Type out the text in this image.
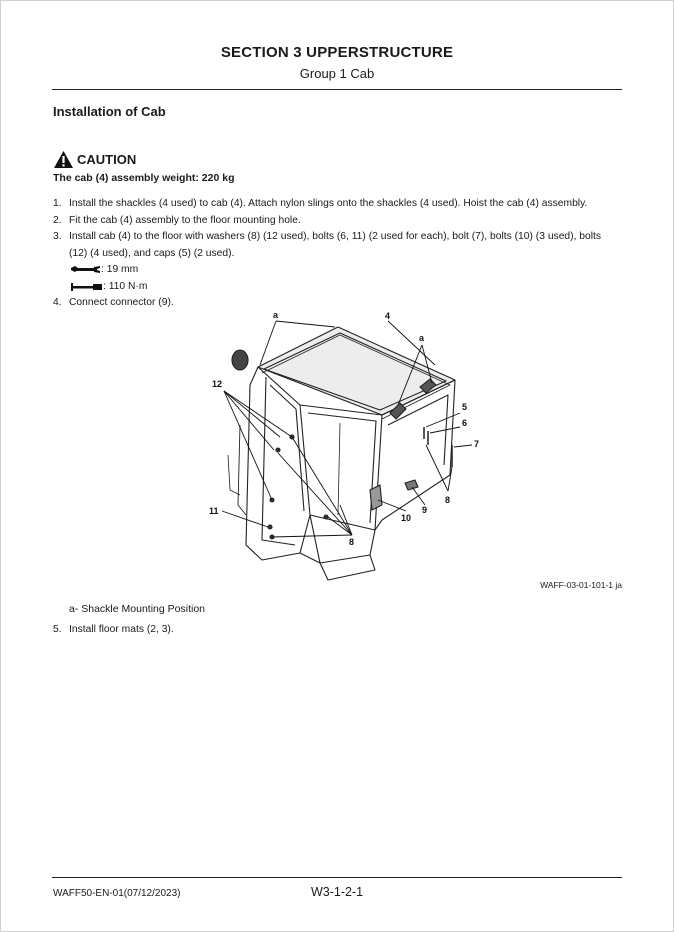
SECTION 3 UPPERSTRUCTURE
Group 1 Cab
Installation of Cab
CAUTION
The cab (4) assembly weight: 220 kg
1. Install the shackles (4 used) to cab (4). Attach nylon slings onto the shackles (4 used). Hoist the cab (4) assembly.
2. Fit the cab (4) assembly to the floor mounting hole.
3. Install cab (4) to the floor with washers (8) (12 used), bolts (6, 11) (2 used for each), bolt (7), bolts (10) (3 used), bolts (12) (4 used), and caps (5) (2 used).
: 19 mm
: 110 N·m
4. Connect connector (9).
a	4
a
12
5
6
7
8
9
10
11
8
WAFF-03-01-101-1 ja
a- Shackle Mounting Position
5. Install floor mats (2, 3).
WAFF50-EN-01(07/12/2023)	W3-1-2-1
